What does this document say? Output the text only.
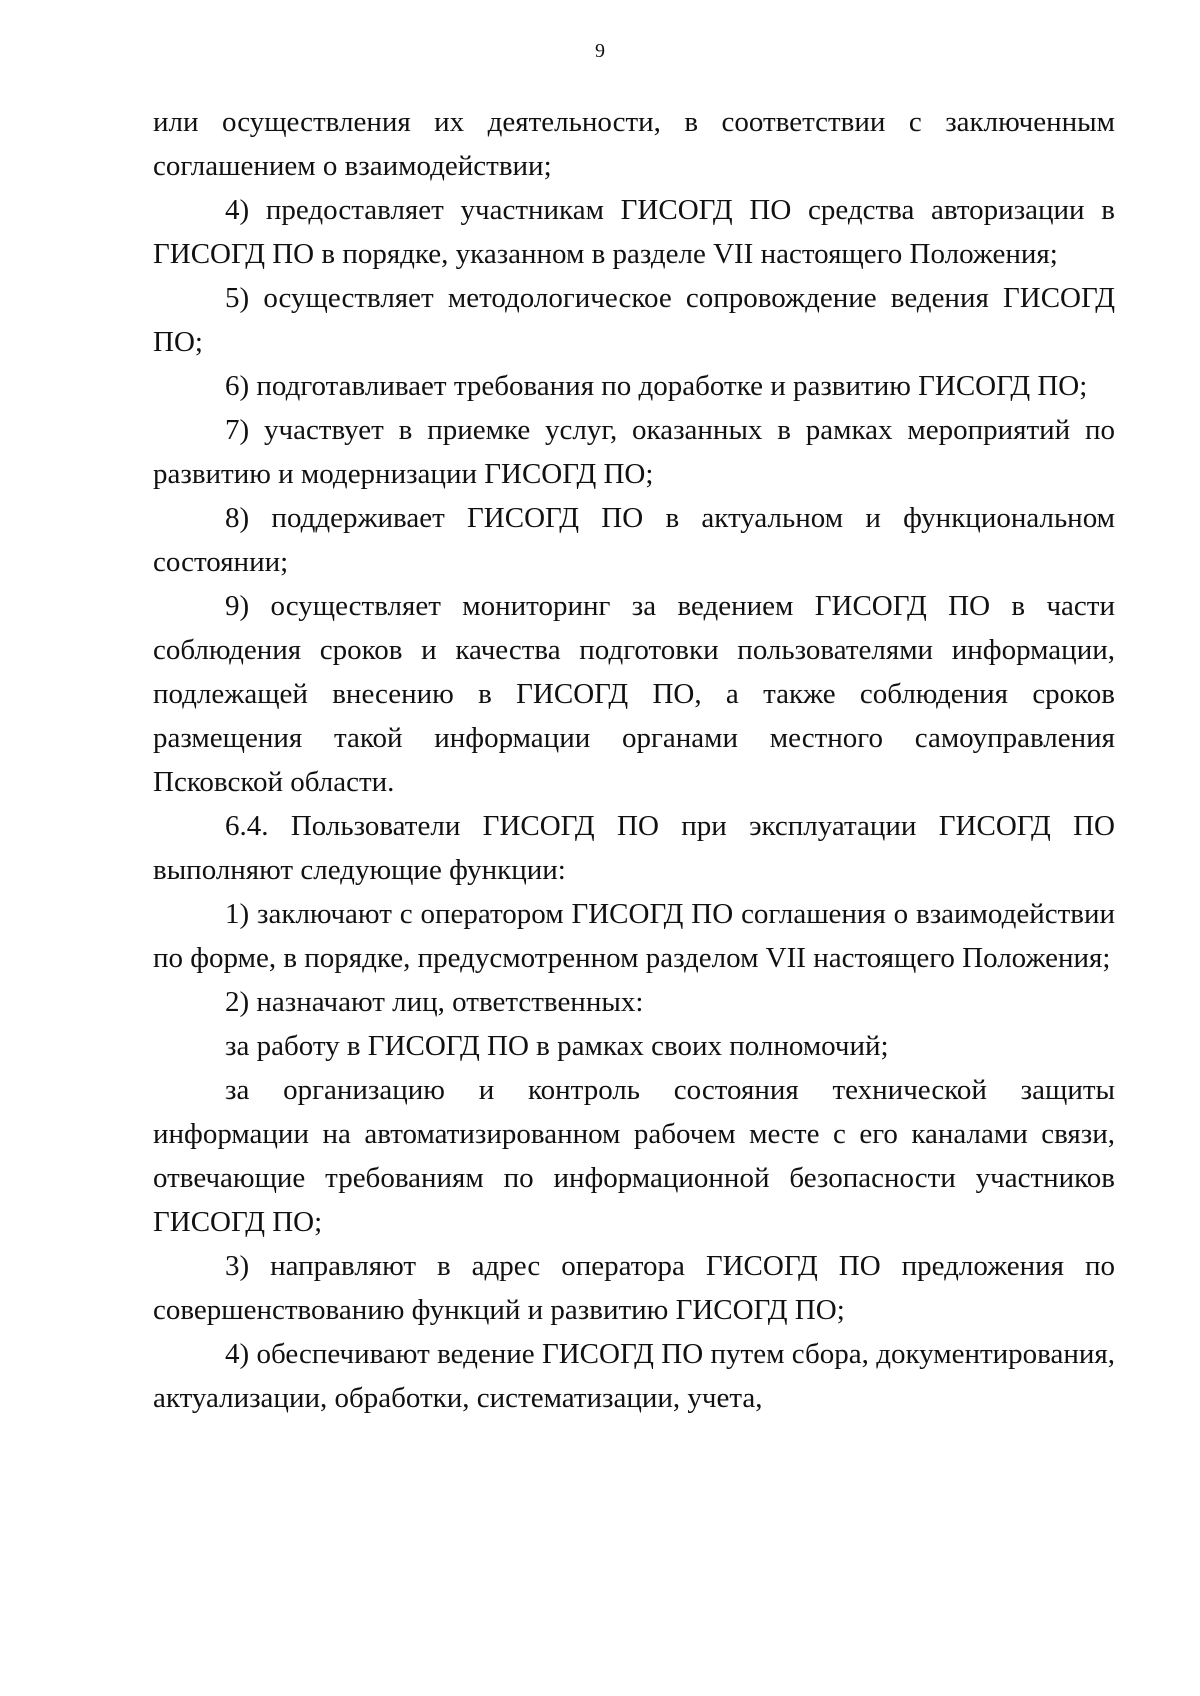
9

или осуществления их деятельности, в соответствии с заключенным соглашением о взаимодействии;

4) предоставляет участникам ГИСОГД ПО средства авторизации в ГИСОГД ПО в порядке, указанном в разделе VII настоящего Положения;

5) осуществляет методологическое сопровождение ведения ГИСОГД ПО;

6) подготавливает требования по доработке и развитию ГИСОГД ПО;

7) участвует в приемке услуг, оказанных в рамках мероприятий по развитию и модернизации ГИСОГД ПО;

8) поддерживает ГИСОГД ПО в актуальном и функциональном состоянии;

9) осуществляет мониторинг за ведением ГИСОГД ПО в части соблюдения сроков и качества подготовки пользователями информации, подлежащей внесению в ГИСОГД ПО, а также соблюдения сроков размещения такой информации органами местного самоуправления Псковской области.

6.4. Пользователи ГИСОГД ПО при эксплуатации ГИСОГД ПО выполняют следующие функции:

1) заключают с оператором ГИСОГД ПО соглашения о взаимодействии по форме, в порядке, предусмотренном разделом VII настоящего Положения;

2) назначают лиц, ответственных:

за работу в ГИСОГД ПО в рамках своих полномочий;

за организацию и контроль состояния технической защиты информации на автоматизированном рабочем месте с его каналами связи, отвечающие требованиям по информационной безопасности участников ГИСОГД ПО;

3) направляют в адрес оператора ГИСОГД ПО предложения по совершенствованию функций и развитию ГИСОГД ПО;

4) обеспечивают ведение ГИСОГД ПО путем сбора, документирования, актуализации, обработки, систематизации, учета,
